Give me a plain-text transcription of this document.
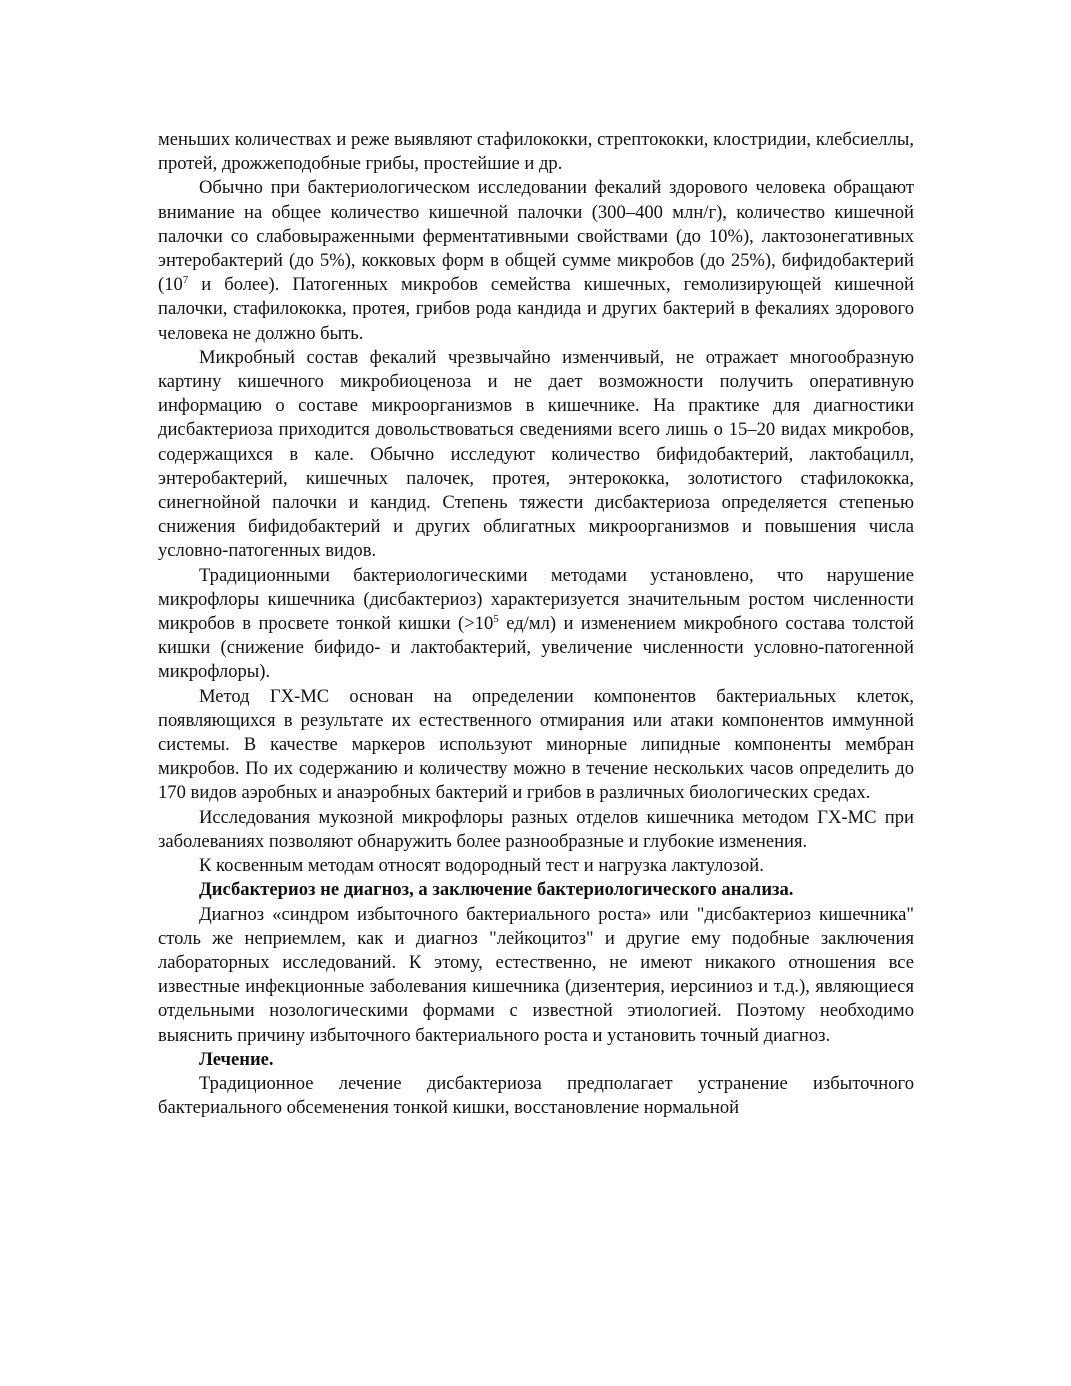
меньших количествах и реже выявляют стафилококки, стрептококки, клостридии, клебсиеллы, протей, дрожжеподобные грибы, простейшие и др.

Обычно при бактериологическом исследовании фекалий здорового человека обращают внимание на общее количество кишечной палочки (300–400 млн/г), количество кишечной палочки со слабовыраженными ферментативными свойствами (до 10%), лактозонегативных энтеробактерий (до 5%), кокковых форм в общей сумме микробов (до 25%), бифидобактерий ($10^7$ и более). Патогенных микробов семейства кишечных, гемолизирующей кишечной палочки, стафилококка, протея, грибов рода кандида и других бактерий в фекалиях здорового человека не должно быть.

Микробный состав фекалий чрезвычайно изменчивый, не отражает многообразную картину кишечного микробиоценоза и не дает возможности получить оперативную информацию о составе микроорганизмов в кишечнике. На практике для диагностики дисбактериоза приходится довольствоваться сведениями всего лишь о 15–20 видах микробов, содержащихся в кале. Обычно исследуют количество бифидобактерий, лактобацилл, энтеробактерий, кишечных палочек, протея, энтерококка, золотистого стафилококка, синегнойной палочки и кандид. Степень тяжести дисбактериоза определяется степенью снижения бифидобактерий и других облигатных микроорганизмов и повышения числа условно-патогенных видов.

Традиционными бактериологическими методами установлено, что нарушение микрофлоры кишечника (дисбактериоз) характеризуется значительным ростом численности микробов в просвете тонкой кишки ($>10^5$ ед/мл) и изменением микробного состава толстой кишки (снижение бифидо- и лактобактерий, увеличение численности условно-патогенной микрофлоры).

Метод ГХ-МС основан на определении компонентов бактериальных клеток, появляющихся в результате их естественного отмирания или атаки компонентов иммунной системы. В качестве маркеров используют минорные липидные компоненты мембран микробов. По их содержанию и количеству можно в течение нескольких часов определить до 170 видов аэробных и анаэробных бактерий и грибов в различных биологических средах.

Исследования мукозной микрофлоры разных отделов кишечника методом ГХ-МС при заболеваниях позволяют обнаружить более разнообразные и глубокие изменения.

К косвенным методам относят водородный тест и нагрузка лактулозой.

Дисбактериоз не диагноз, а заключение бактериологического анализа.

Диагноз «синдром избыточного бактериального роста» или "дисбактериоз кишечника" столь же неприемлем, как и диагноз "лейкоцитоз" и другие ему подобные заключения лабораторных исследований. К этому, естественно, не имеют никакого отношения все известные инфекционные заболевания кишечника (дизентерия, иерсиниоз и т.д.), являющиеся отдельными нозологическими формами с известной этиологией. Поэтому необходимо выяснить причину избыточного бактериального роста и установить точный диагноз.

Лечение.

Традиционное лечение дисбактериоза предполагает устранение избыточного бактериального обсеменения тонкой кишки, восстановление нормальной
